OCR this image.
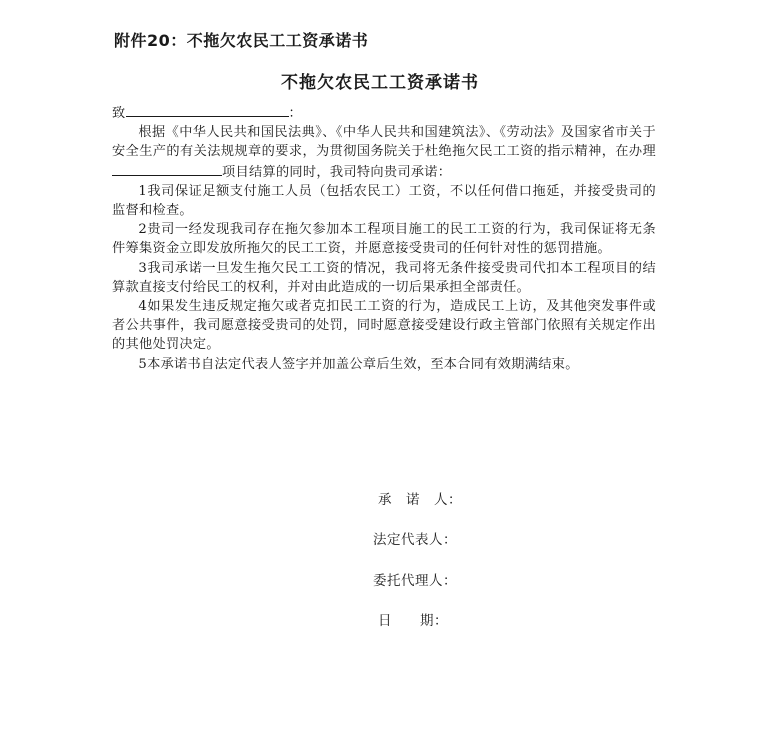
附件20：不拖欠农民工工资承诺书
不拖欠农民工工资承诺书

致	：

根据《中华人民共和国民法典》、《中华人民共和国建筑法》、《劳动法》及国家省市关于安全生产的有关法规规章的要求，为贯彻国务院关于杜绝拖欠民工工资的指示精神，在办理项目结算的同时，我司特向贵司承诺：

1我司保证足额支付施工人员（包括农民工）工资，不以任何借口拖延，并接受贵司的监督和检查。

2贵司一经发现我司存在拖欠参加本工程项目施工的民工工资的行为，我司保证将无条件筹集资金立即发放所拖欠的民工工资，并愿意接受贵司的任何针对性的惩罚措施。

3我司承诺一旦发生拖欠民工工资的情况，我司将无条件接受贵司代扣本工程项目的结算款直接支付给民工的权利，并对由此造成的一切后果承担全部责任。

4如果发生违反规定拖欠或者克扣民工工资的行为，造成民工上访，及其他突发事件或者公共事件，我司愿意接受贵司的处罚，同时愿意接受建设行政主管部门依照有关规定作出的其他处罚决定。

5本承诺书自法定代表人签字并加盖公章后生效，至本合同有效期满结束。

承　诺　人：
法定代表人：
委托代理人：
日　　期：
